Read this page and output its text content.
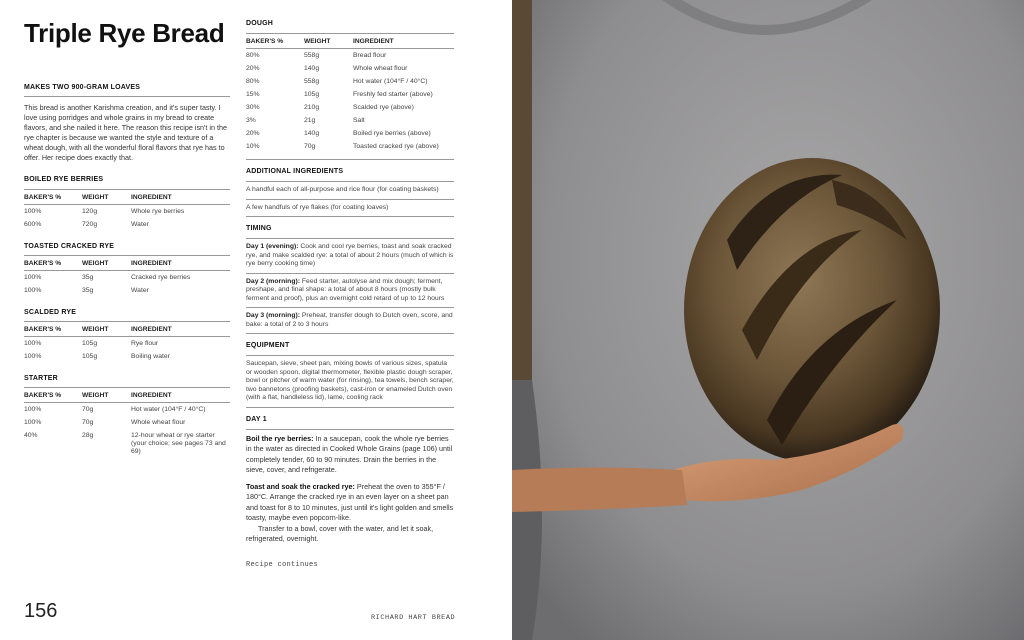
Triple Rye Bread
MAKES TWO 900-GRAM LOAVES

This bread is another Karishma creation, and it's super tasty. I love using porridges and whole grains in my bread to create flavors, and she nailed it here. The reason this recipe isn't in the rye chapter is because we wanted the style and texture of a wheat dough, with all the wonderful floral flavors that rye has to offer. Her recipe does exactly that.

BOILED RYE BERRIES
BAKER'S %	WEIGHT	INGREDIENT
100%	120g	Whole rye berries
600%	720g	Water
TOASTED CRACKED RYE
BAKER'S %	WEIGHT	INGREDIENT
100%	35g	Cracked rye berries
100%	35g	Water
SCALDED RYE
BAKER'S %	WEIGHT	INGREDIENT
100%	105g	Rye flour
100%	105g	Boiling water
STARTER
BAKER'S %	WEIGHT	INGREDIENT
100%	70g	Hot water (104°F / 40°C)
100%	70g	Whole wheat flour
40%	28g	12-hour wheat or rye starter (your choice; see pages 73 and 69)
DOUGH
BAKER'S %	WEIGHT	INGREDIENT
80%	558g	Bread flour
20%	140g	Whole wheat flour
80%	558g	Hot water (104°F / 40°C)
15%	105g	Freshly fed starter (above)
30%	210g	Scalded rye (above)
3%	21g	Salt
20%	140g	Boiled rye berries (above)
10%	70g	Toasted cracked rye (above)
ADDITIONAL INGREDIENTS
A handful each of all-purpose and rice flour (for coating baskets)
A few handfuls of rye flakes (for coating loaves)
TIMING
Day 1 (evening): Cook and cool rye berries, toast and soak cracked rye, and make scalded rye: a total of about 2 hours (much of which is rye berry cooking time)
Day 2 (morning): Feed starter, autolyse and mix dough; ferment, preshape, and final shape: a total of about 8 hours (mostly bulk ferment and proof), plus an overnight cold retard of up to 12 hours
Day 3 (morning): Preheat, transfer dough to Dutch oven, score, and bake: a total of 2 to 3 hours
EQUIPMENT
Saucepan, sieve, sheet pan, mixing bowls of various sizes, spatula or wooden spoon, digital thermometer, flexible plastic dough scraper, bowl or pitcher of warm water (for rinsing), tea towels, bench scraper, two bannetons (proofing baskets), cast-iron or enameled Dutch oven (with a flat, handleless lid), lame, cooling rack
DAY 1

Boil the rye berries: In a saucepan, cook the whole rye berries in the water as directed in Cooked Whole Grains (page 106) until completely tender, 60 to 90 minutes. Drain the berries in the sieve, cover, and refrigerate.

Toast and soak the cracked rye: Preheat the oven to 355°F / 180°C. Arrange the cracked rye in an even layer on a sheet pan and toast for 8 to 10 minutes, just until it's light golden and smells toasty, maybe even popcorn-like.

Transfer to a bowl, cover with the water, and let it soak, refrigerated, overnight.

Recipe continues
156	RICHARD HART BREAD
